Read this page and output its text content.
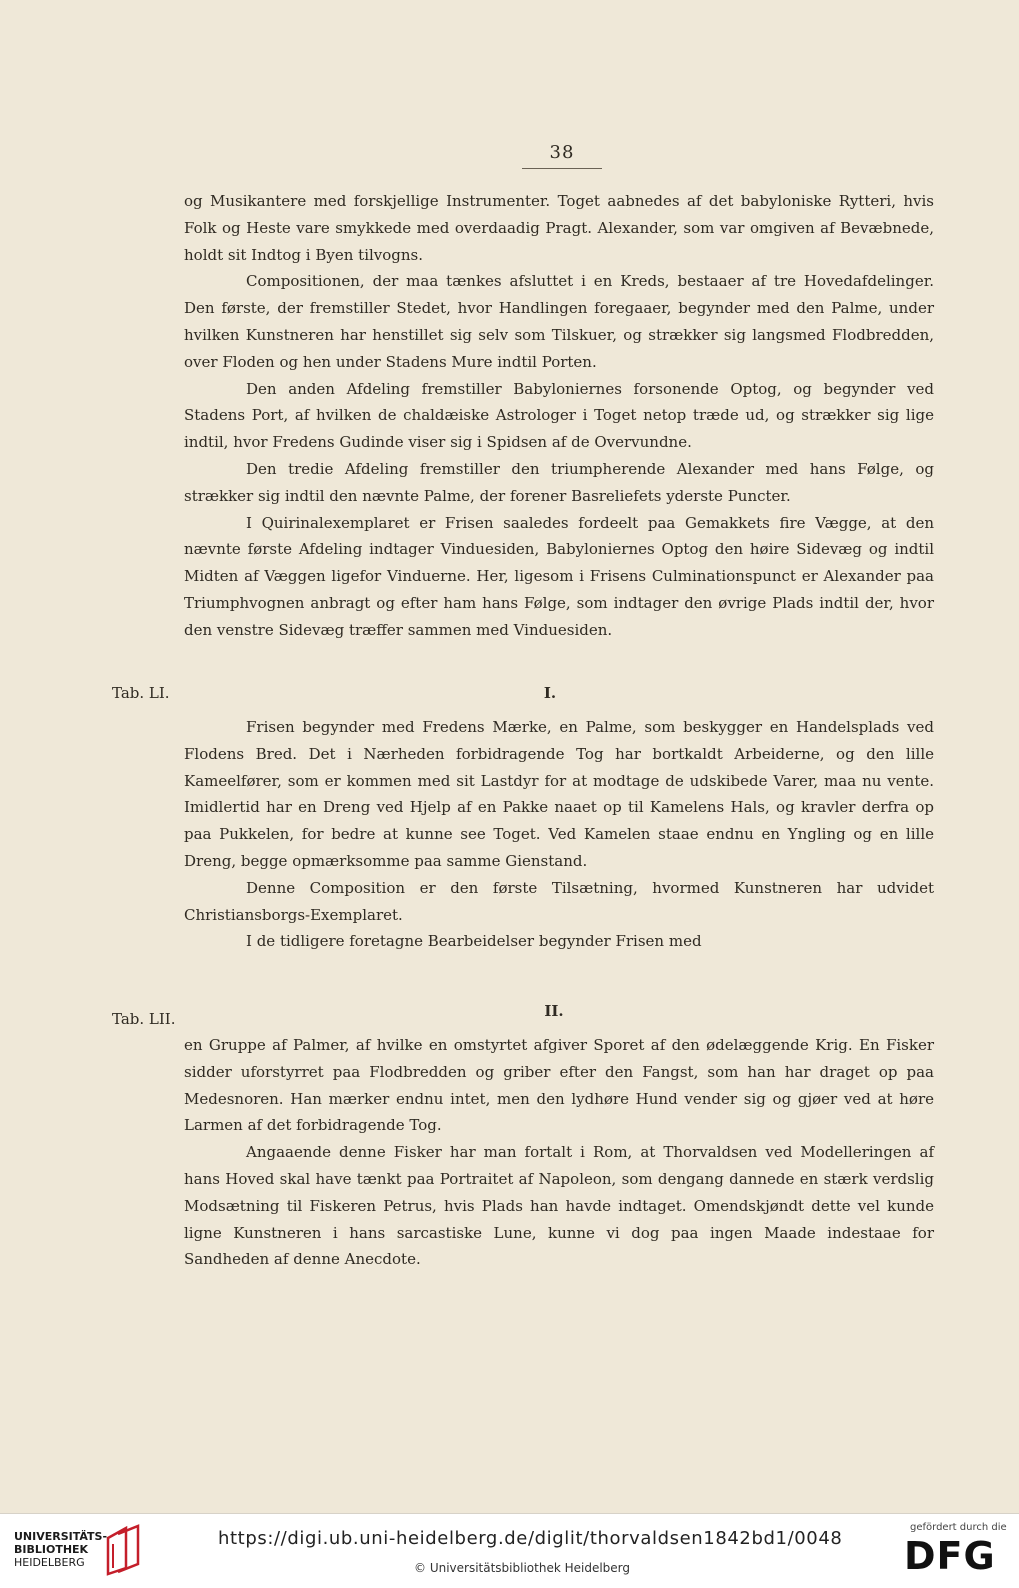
38

og Musikantere med forskjellige Instrumenter. Toget aabnedes af det babyloniske Rytteri, hvis Folk og Heste vare smykkede med overdaadig Pragt. Alexander, som var omgiven af Bevæbnede, holdt sit Indtog i Byen tilvogns.

Compositionen, der maa tænkes afsluttet i en Kreds, bestaaer af tre Hovedafdelinger. Den første, der fremstiller Stedet, hvor Handlingen foregaaer, begynder med den Palme, under hvilken Kunstneren har henstillet sig selv som Tilskuer, og strækker sig langsmed Flodbredden, over Floden og hen under Stadens Mure indtil Porten.

Den anden Afdeling fremstiller Babyloniernes forsonende Optog, og begynder ved Stadens Port, af hvilken de chaldæiske Astrologer i Toget netop træde ud, og strækker sig lige indtil, hvor Fredens Gudinde viser sig i Spidsen af de Overvundne.

Den tredie Afdeling fremstiller den triumpherende Alexander med hans Følge, og strækker sig indtil den nævnte Palme, der forener Basreliefets yderste Puncter.

I Quirinalexemplaret er Frisen saaledes fordeelt paa Gemakkets fire Vægge, at den nævnte første Afdeling indtager Vinduesiden, Babyloniernes Optog den høire Sidevæg og indtil Midten af Væggen ligefor Vinduerne. Her, ligesom i Frisens Culminationspunct er Alexander paa Triumphvognen anbragt og efter ham hans Følge, som indtager den øvrige Plads indtil der, hvor den venstre Sidevæg træffer sammen med Vinduesiden.

Tab. LI.	I.

Frisen begynder med Fredens Mærke, en Palme, som beskygger en Handelsplads ved Flodens Bred. Det i Nærheden forbidragende Tog har bortkaldt Arbeiderne, og den lille Kameelfører, som er kommen med sit Lastdyr for at modtage de udskibede Varer, maa nu vente. Imidlertid har en Dreng ved Hjelp af en Pakke naaet op til Kamelens Hals, og kravler derfra op paa Pukkelen, for bedre at kunne see Toget. Ved Kamelen staae endnu en Yngling og en lille Dreng, begge opmærksomme paa samme Gienstand.

Denne Composition er den første Tilsætning, hvormed Kunstneren har udvidet Christiansborgs-Exemplaret.

I de tidligere foretagne Bearbeidelser begynder Frisen med

Tab. LII.	II.

en Gruppe af Palmer, af hvilke en omstyrtet afgiver Sporet af den ødelæggende Krig. En Fisker sidder uforstyrret paa Flodbredden og griber efter den Fangst, som han har draget op paa Medesnoren. Han mærker endnu intet, men den lydhøre Hund vender sig og gjøer ved at høre Larmen af det forbidragende Tog.

Angaaende denne Fisker har man fortalt i Rom, at Thorvaldsen ved Modelleringen af hans Hoved skal have tænkt paa Portraitet af Napoleon, som dengang dannede en stærk verdslig Modsætning til Fiskeren Petrus, hvis Plads han havde indtaget. Omendskjøndt dette vel kunde ligne Kunstneren i hans sarcastiske Lune, kunne vi dog paa ingen Maade indestaae for Sandheden af denne Anecdote.

UNIVERSITÄTS-
BIBLIOTHEK
HEIDELBERG
https://digi.ub.uni-heidelberg.de/diglit/thorvaldsen1842bd1/0048
© Universitätsbibliothek Heidelberg
gefördert durch die
DFG
